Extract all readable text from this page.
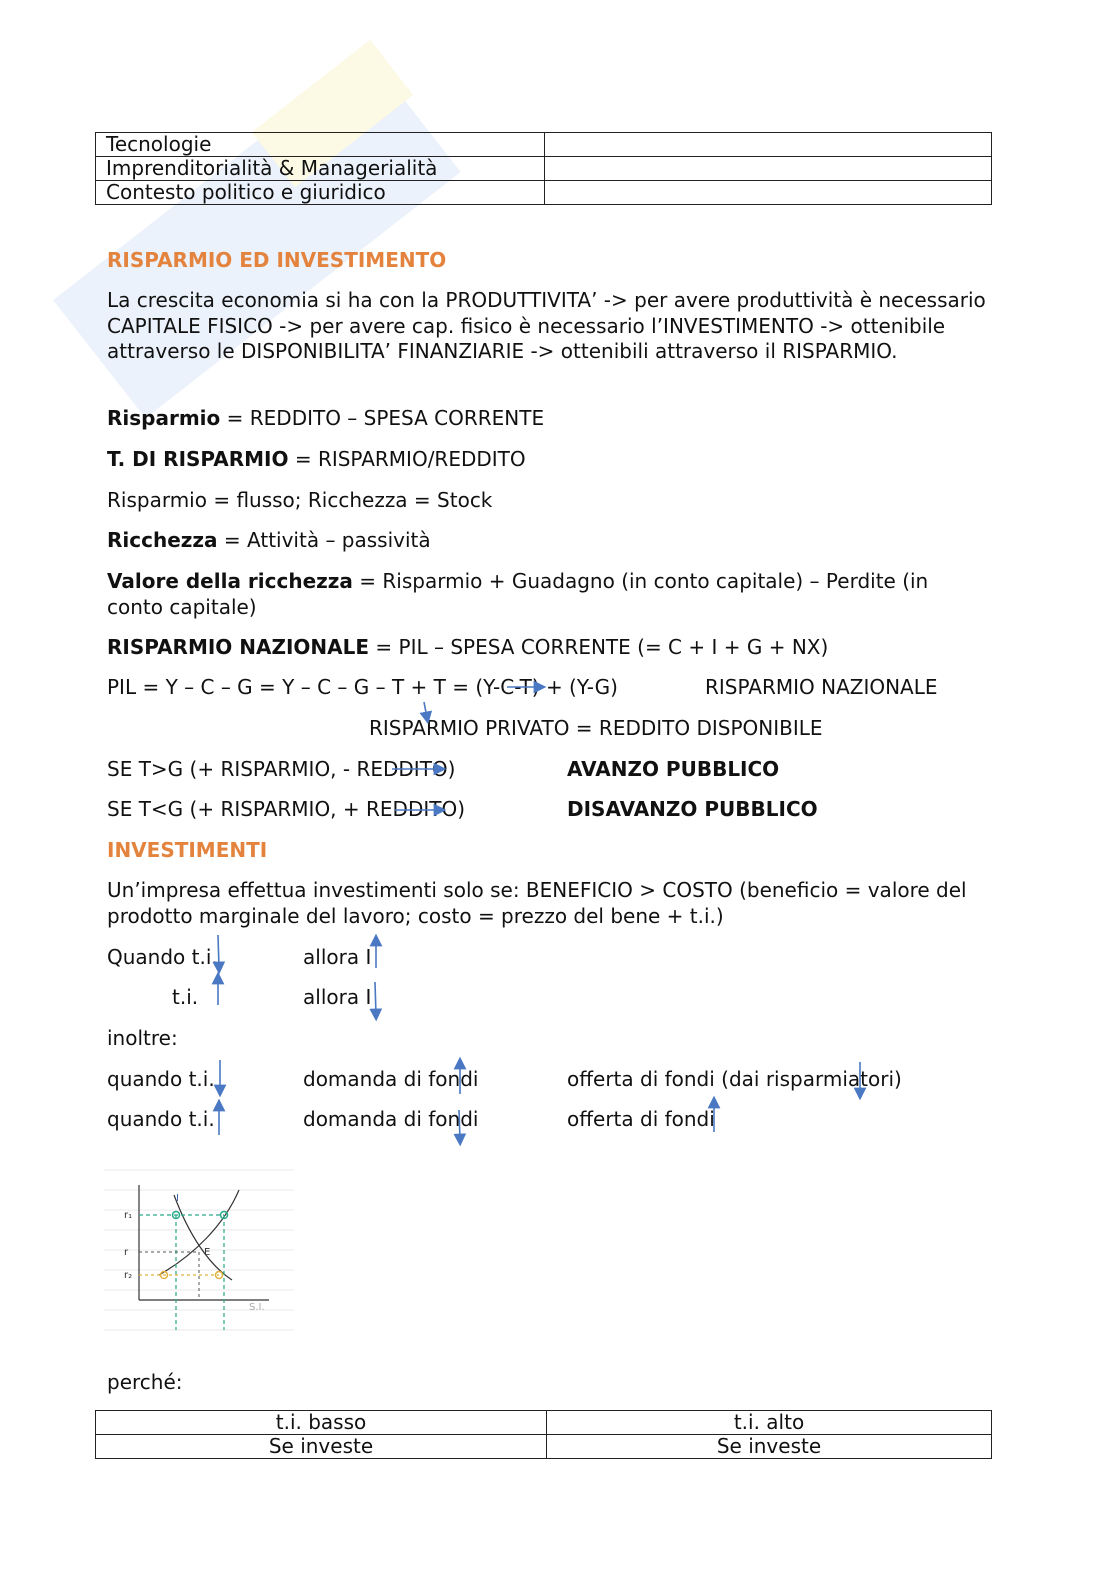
Tecnologie	
Imprenditorialità & Managerialità	
Contesto politico e giuridico	
RISPARMIO ED INVESTIMENTO
La crescita economia si ha con la PRODUTTIVITA’ -> per avere produttività è necessario CAPITALE FISICO -> per avere cap. fisico è necessario l’INVESTIMENTO -> ottenibile attraverso le DISPONIBILITA’ FINANZIARIE -> ottenibili attraverso il RISPARMIO.
Risparmio = REDDITO – SPESA CORRENTE
T. DI RISPARMIO = RISPARMIO/REDDITO
Risparmio = flusso; Ricchezza = Stock
Ricchezza = Attività – passività
Valore della ricchezza = Risparmio + Guadagno (in conto capitale) – Perdite (in conto capitale)
RISPARMIO NAZIONALE = PIL – SPESA CORRENTE (= C + I + G + NX)
PIL = Y – C – G = Y – C – G – T + T = (Y-C-T) + (Y-G)	RISPARMIO NAZIONALE
RISPARMIO PRIVATO = REDDITO DISPONIBILE
SE T>G (+ RISPARMIO, - REDDITO)	AVANZO PUBBLICO
SE T<G (+ RISPARMIO, + REDDITO)	DISAVANZO PUBBLICO
INVESTIMENTI
Un’impresa effettua investimenti solo se: BENEFICIO > COSTO (beneficio = valore del prodotto marginale del lavoro; costo = prezzo del bene + t.i.)
Quando t.i.	allora I
t.i.	allora I
inoltre:
quando t.i.	domanda di fondi	offerta di fondi (dai risparmiatori)
quando t.i.	domanda di fondi	offerta di fondi
I
r₁
r
r₂
E
S.I.
perché:
t.i. basso	t.i. alto
Se investe	Se investe
